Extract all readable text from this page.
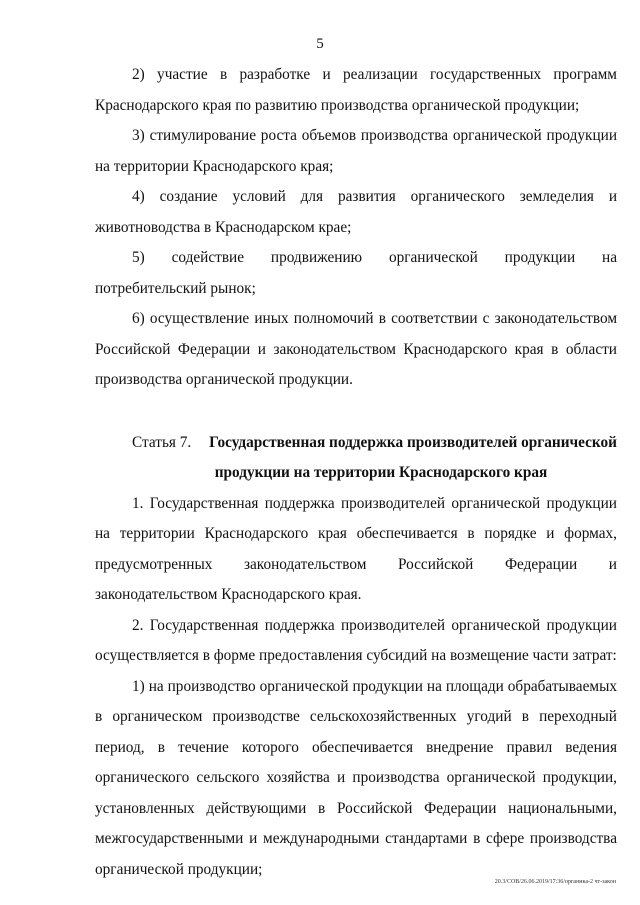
5

2) участие в разработке и реализации государственных программ Краснодарского края по развитию производства органической продукции;

3) стимулирование роста объемов производства органической продукции на территории Краснодарского края;

4) создание условий для развития органического земледелия и животноводства в Краснодарском крае;

5) содействие продвижению органической продукции на потребительский рынок;

6) осуществление иных полномочий в соответствии с законодательством Российской Федерации и законодательством Краснодарского края в области производства органической продукции.

Статья 7. Государственная поддержка производителей органической
продукции на территории Краснодарского края

1. Государственная поддержка производителей органической продукции на территории Краснодарского края обеспечивается в порядке и формах, предусмотренных законодательством Российской Федерации и законодательством Краснодарского края.

2. Государственная поддержка производителей органической продукции осуществляется в форме предоставления субсидий на возмещение части затрат:

1) на производство органической продукции на площади обрабатываемых в органическом производстве сельскохозяйственных угодий в переходный период, в течение которого обеспечивается внедрение правил ведения органического сельского хозяйства и производства органической продукции, установленных действующими в Российской Федерации национальными, межгосударственными и международными стандартами в сфере производства органической продукции;

20.3/СОВ/26.06.2019/17:36/органика-2 чт-закон
